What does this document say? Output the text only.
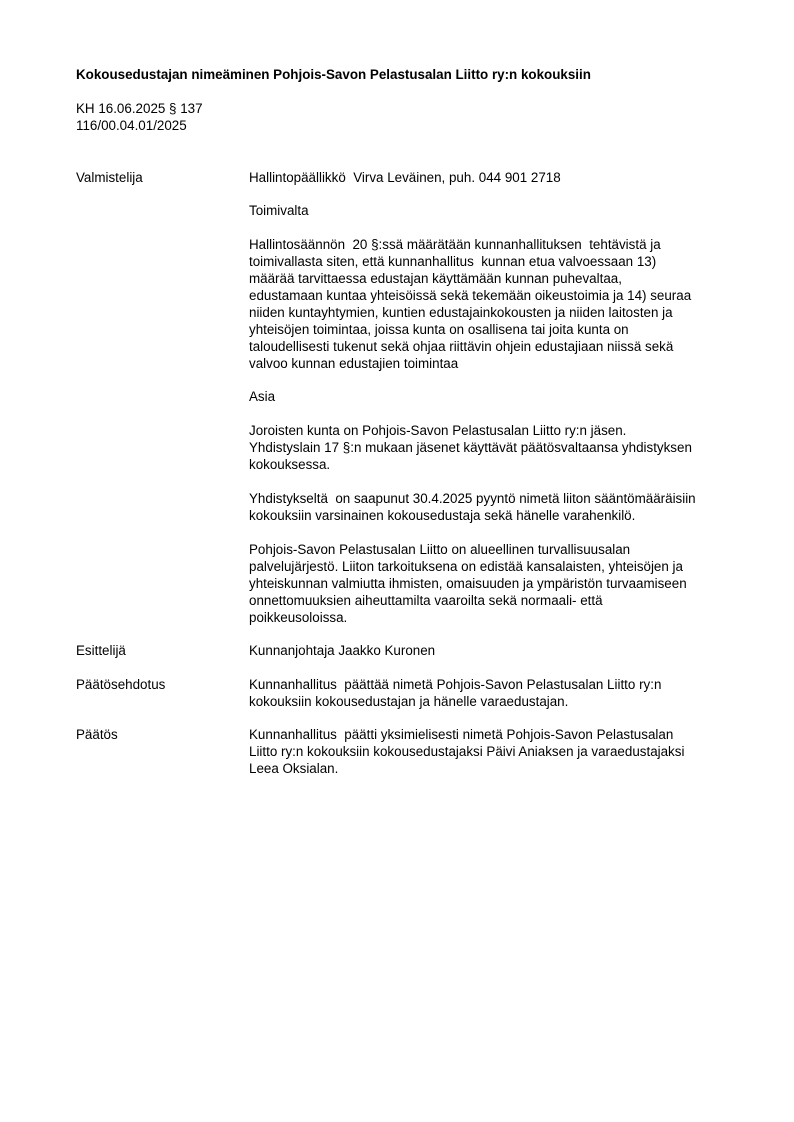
Kokousedustajan nimeäminen Pohjois-Savon Pelastusalan Liitto ry:n kokouksiin
KH 16.06.2025 § 137
116/00.04.01/2025
Valmistelija	Hallintopäällikkö  Virva Leväinen, puh. 044 901 2718

Toimivalta

Hallintosäännön  20 §:ssä määrätään kunnanhallituksen  tehtävistä ja

toimivallasta siten, että kunnanhallitus  kunnan etua valvoessaan 13)

määrää tarvittaessa edustajan käyttämään kunnan puhevaltaa,

edustamaan kuntaa yhteisöissä sekä tekemään oikeustoimia ja 14) seuraa

niiden kuntayhtymien, kuntien edustajainkokousten ja niiden laitosten ja

yhteisöjen toimintaa, joissa kunta on osallisena tai joita kunta on

taloudellisesti tukenut sekä ohjaa riittävin ohjein edustajiaan niissä sekä

valvoo kunnan edustajien toimintaa

Asia

Joroisten kunta on Pohjois-Savon Pelastusalan Liitto ry:n jäsen.

Yhdistyslain 17 §:n mukaan jäsenet käyttävät päätösvaltaansa yhdistyksen

kokouksessa.

Yhdistykseltä  on saapunut 30.4.2025 pyyntö nimetä liiton sääntömääräisiin

kokouksiin varsinainen kokousedustaja sekä hänelle varahenkilö.

Pohjois-Savon Pelastusalan Liitto on alueellinen turvallisuusalan

palvelujärjestö. Liiton tarkoituksena on edistää kansalaisten, yhteisöjen ja

yhteiskunnan valmiutta ihmisten, omaisuuden ja ympäristön turvaamiseen

onnettomuuksien aiheuttamilta vaaroilta sekä normaali- että

poikkeusoloissa.

Esittelijä	Kunnanjohtaja Jaakko Kuronen

Päätösehdotus	Kunnanhallitus  päättää nimetä Pohjois-Savon Pelastusalan Liitto ry:n

kokouksiin kokousedustajan ja hänelle varaedustajan.

Päätös	Kunnanhallitus  päätti yksimielisesti nimetä Pohjois-Savon Pelastusalan

Liitto ry:n kokouksiin kokousedustajaksi Päivi Aniaksen ja varaedustajaksi

Leea Oksialan.
